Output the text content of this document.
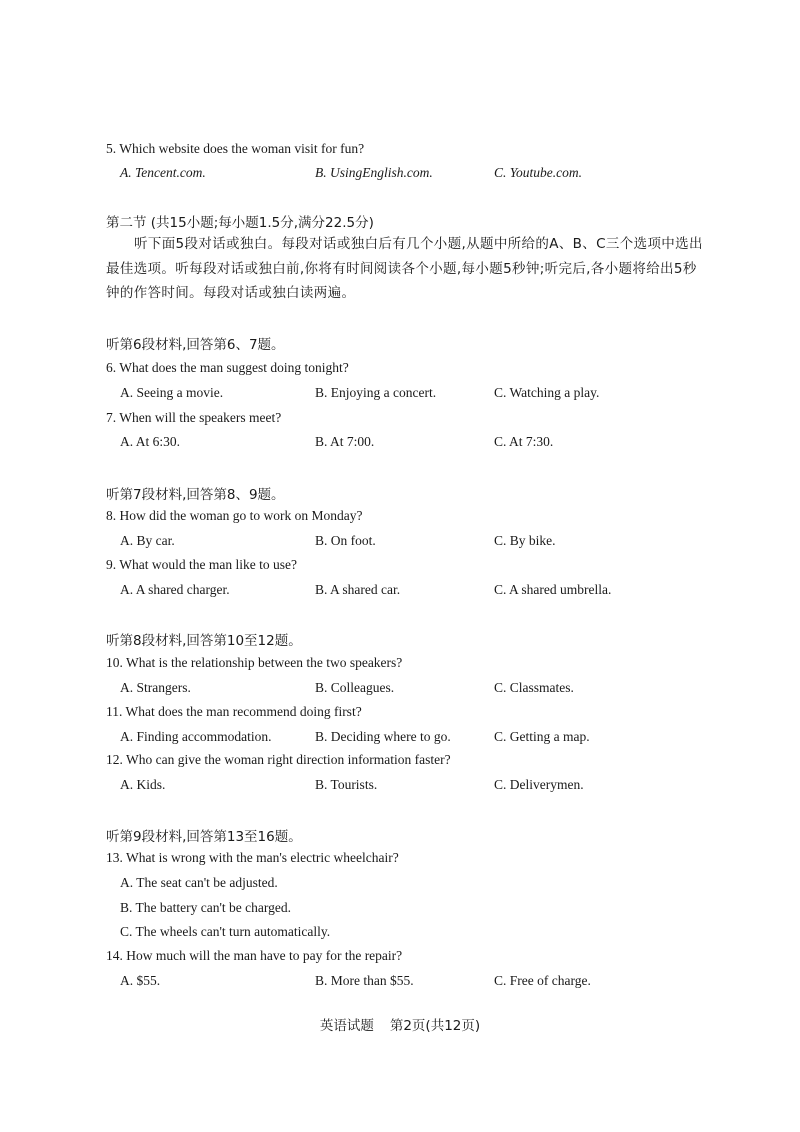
5. Which website does the woman visit for fun?
A. Tencent.com.	B. UsingEnglish.com.	C. Youtube.com.
第二节 (共15小题;每小题1.5分,满分22.5分)

听下面5段对话或独白。每段对话或独白后有几个小题,从题中所给的A、B、C三个选项中选出最佳选项。听每段对话或独白前,你将有时间阅读各个小题,每小题5秒钟;听完后,各小题将给出5秒钟的作答时间。每段对话或独白读两遍。

听第6段材料,回答第6、7题。
6. What does the man suggest doing tonight?
A. Seeing a movie.	B. Enjoying a concert.	C. Watching a play.
7. When will the speakers meet?
A. At 6:30.	B. At 7:00.	C. At 7:30.
听第7段材料,回答第8、9题。
8. How did the woman go to work on Monday?
A. By car.	B. On foot.	C. By bike.
9. What would the man like to use?
A. A shared charger.	B. A shared car.	C. A shared umbrella.
听第8段材料,回答第10至12题。
10. What is the relationship between the two speakers?
A. Strangers.	B. Colleagues.	C. Classmates.
11. What does the man recommend doing first?
A. Finding accommodation.	B. Deciding where to go.	C. Getting a map.
12. Who can give the woman right direction information faster?
A. Kids.	B. Tourists.	C. Deliverymen.
听第9段材料,回答第13至16题。
13. What is wrong with the man's electric wheelchair?
A. The seat can't be adjusted.
B. The battery can't be charged.
C. The wheels can't turn automatically.
14. How much will the man have to pay for the repair?
A. $55.	B. More than $55.	C. Free of charge.
英语试题 第2页(共12页)
